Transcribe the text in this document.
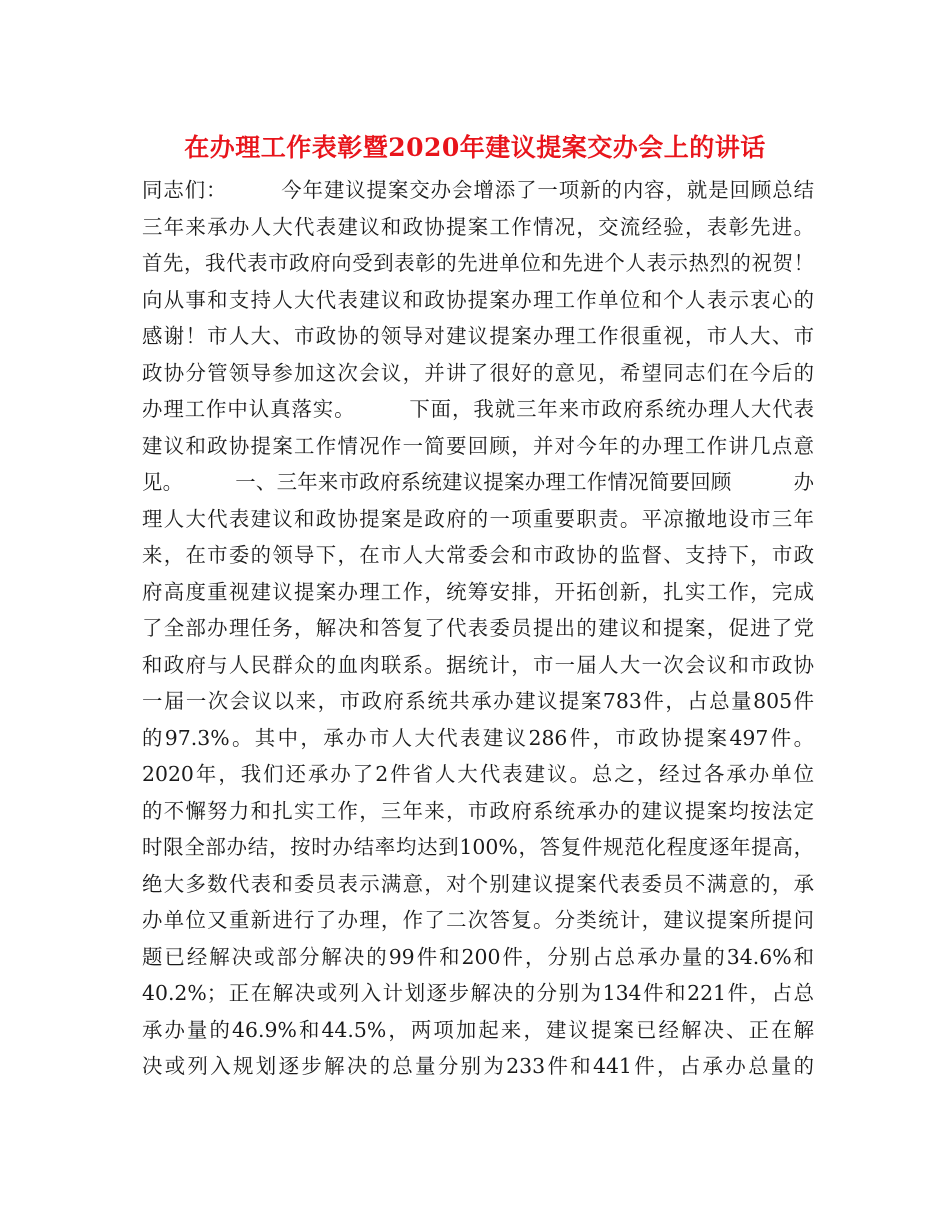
在办理工作表彰暨2020年建议提案交办会上的讲话
同志们：　　　今年建议提案交办会增添了一项新的内容，就是回顾总结
三年来承办人大代表建议和政协提案工作情况，交流经验，表彰先进。
首先，我代表市政府向受到表彰的先进单位和先进个人表示热烈的祝贺！
向从事和支持人大代表建议和政协提案办理工作单位和个人表示衷心的
感谢！市人大、市政协的领导对建议提案办理工作很重视，市人大、市
政协分管领导参加这次会议，并讲了很好的意见，希望同志们在今后的
办理工作中认真落实。　　　下面，我就三年来市政府系统办理人大代表
建议和政协提案工作情况作一简要回顾，并对今年的办理工作讲几点意
见。　　　一、三年来市政府系统建议提案办理工作情况简要回顾　　　办
理人大代表建议和政协提案是政府的一项重要职责。平凉撤地设市三年
来，在市委的领导下，在市人大常委会和市政协的监督、支持下，市政
府高度重视建议提案办理工作，统筹安排，开拓创新，扎实工作，完成
了全部办理任务，解决和答复了代表委员提出的建议和提案，促进了党
和政府与人民群众的血肉联系。据统计，市一届人大一次会议和市政协
一届一次会议以来，市政府系统共承办建议提案783件，占总量805件
的97.3%。其中，承办市人大代表建议286件，市政协提案497件。
2020年，我们还承办了2件省人大代表建议。总之，经过各承办单位
的不懈努力和扎实工作，三年来，市政府系统承办的建议提案均按法定
时限全部办结，按时办结率均达到100%，答复件规范化程度逐年提高，
绝大多数代表和委员表示满意，对个别建议提案代表委员不满意的，承
办单位又重新进行了办理，作了二次答复。分类统计，建议提案所提问
题已经解决或部分解决的99件和200件，分别占总承办量的34.6%和
40.2%；正在解决或列入计划逐步解决的分别为134件和221件，占总
承办量的46.9%和44.5%，两项加起来，建议提案已经解决、正在解
决或列入规划逐步解决的总量分别为233件和441件，占承办总量的
